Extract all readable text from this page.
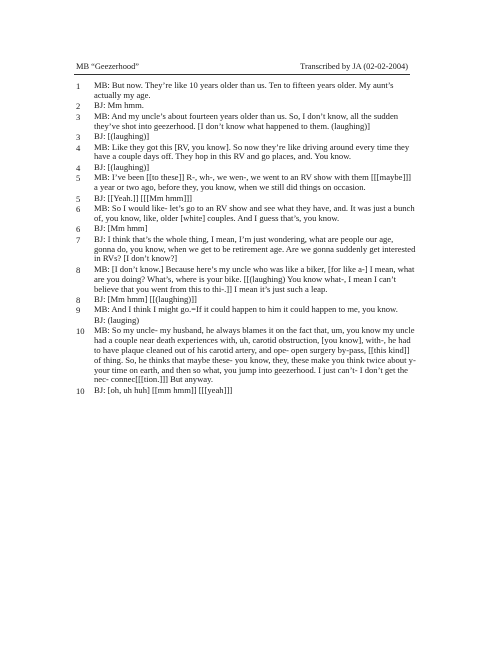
MB “Geezerhood”	Transcribed by JA (02-02-2004)
1	MB: But now. They’re like 10 years older than us. Ten to fifteen years older. My aunt’s actually my age.
2	BJ: Mm hmm.
3	MB: And my uncle’s about fourteen years older than us. So, I don’t know, all the sudden they’ve shot into geezerhood. [I don’t know what happened to them. (laughing)]
3	BJ: [(laughing)]
4	MB: Like they got this [RV, you know]. So now they’re like driving around every time they have a couple days off. They hop in this RV and go places, and. You know.
4	BJ: [(laughing)]
5	MB: I’ve been [[to these]] R-, wh-, we wen-, we went to an RV show with them [[[maybe]]] a year or two ago, before they, you know, when we still did things on occasion.
5	BJ: [[Yeah.]] [[[Mm hmm]]]
6	MB: So I would like- let’s go to an RV show and see what they have, and. It was just a bunch of, you know, like, older [white] couples. And I guess that’s, you know.
6	BJ: [Mm hmm]
7	BJ: I think that’s the whole thing, I mean, I’m just wondering, what are people our age, gonna do, you know, when we get to be retirement age. Are we gonna suddenly get interested in RVs? [I don’t know?]
8	MB: [I don’t know.] Because here’s my uncle who was like a biker, [for like a-] I mean, what are you doing? What’s, where is your bike. [[(laughing) You know what-, I mean I can’t believe that you went from this to thi-.]] I mean it’s just such a leap.
8	BJ: [Mm hmm] [[(laughing)]]
9	MB: And I think I might go.=If it could happen to him it could happen to me, you know.
BJ: (lauging)
10	MB: So my uncle- my husband, he always blames it on the fact that, um, you know my uncle had a couple near death experiences with, uh, carotid obstruction, [you know], with-, he had to have plaque cleaned out of his carotid artery, and ope- open surgery by-pass, [[this kind]] of thing. So, he thinks that maybe these- you know, they, these make you think twice about y- your time on earth, and then so what, you jump into geezerhood. I just can’t- I don’t get the nec- connec[[[tion.]]] But anyway.
10	BJ: [oh, uh huh] [[mm hmm]] [[[yeah]]]
